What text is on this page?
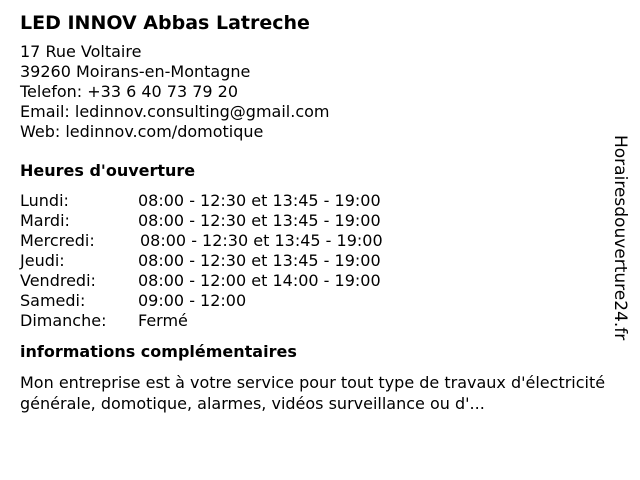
LED INNOV Abbas Latreche
17 Rue Voltaire
39260 Moirans-en-Montagne
Telefon: +33 6 40 73 79 20
Email: ledinnov.consulting@gmail.com
Web: ledinnov.com/domotique
Heures d'ouverture
Lundi:	08:00 - 12:30 et 13:45 - 19:00
Mardi:	08:00 - 12:30 et 13:45 - 19:00
Mercredi:	08:00 - 12:30 et 13:45 - 19:00
Jeudi:	08:00 - 12:30 et 13:45 - 19:00
Vendredi:	08:00 - 12:00 et 14:00 - 19:00
Samedi:	09:00 - 12:00
Dimanche:	Fermé
informations complémentaires
Mon entreprise est à votre service pour tout type de travaux d'électricité générale, domotique, alarmes, vidéos surveillance ou d'...
Horairesdouverture24.fr
